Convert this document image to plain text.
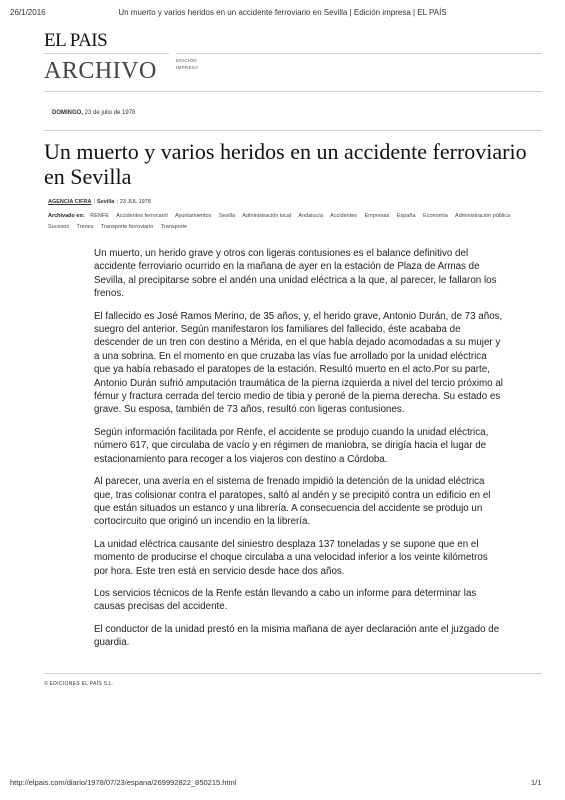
26/1/2016	Un muerto y varios heridos en un accidente ferroviario en Sevilla | Edición impresa | EL PAÍS
EL PAIS
ARCHIVO	EDICIÓN
IMPRESA
DOMINGO, 23 de julio de 1978
Un muerto y varios heridos en un accidente ferroviario en Sevilla
AGENCIA CIFRA | Sevilla | 23 JUL 1978
Archivado en: RENFE Accidentes ferrocarril Ayuntamientos Sevilla Administración local Andalucía Accidentes Empresas España Economía Administración pública
Sucesos Trenes Transporte ferroviario Transporte

Un muerto, un herido grave y otros con ligeras contusiones es el balance definitivo del accidente ferroviario ocurrido en la mañana de ayer en la estación de Plaza de Armas de Sevilla, al precipitarse sobre el andén una unidad eléctrica a la que, al parecer, le fallaron los frenos.

El fallecido es José Ramos Merino, de 35 años, y, el herido grave, Antonio Durán, de 73 años, suegro del anterior. Según manifestaron los familiares del fallecido, éste acababa de descender de un tren con destino a Mérida, en el que había dejado acomodadas a su mujer y a una sobrina. En el momento en que cruzaba las vías fue arrollado por la unidad eléctrica que ya había rebasado el paratopes de la estación. Resultó muerto en el acto.Por su parte, Antonio Durán sufrió amputación traumática de la pierna izquierda a nivel del tercio próximo al fémur y fractura cerrada del tercio medio de tibia y peroné de la pierna derecha. Su estado es grave. Su esposa, también de 73 años, resultó con ligeras contusiones.

Según información facilitada por Renfe, el accidente se produjo cuando la unidad eléctrica, número 617, que circulaba de vacío y en régimen de maniobra, se dirigía hacia el lugar de estacionamiento para recoger a los viajeros con destino a Córdoba.

Al parecer, una avería en el sistema de frenado impidió la detención de la unidad eléctrica que, tras colisionar contra el paratopes, saltó al andén y se precipitó contra un edificio en el que están situados un estanco y una librería. A consecuencia del accidente se produjo un cortocircuito que originó un incendio en la librería.

La unidad eléctrica causante del siniestro desplaza 137 toneladas y se supone que en el momento de producirse el choque circulaba a una velocidad inferior a los veinte kilómetros por hora. Este tren está en servicio desde hace dos años.

Los servicios técnicos de la Renfe están llevando a cabo un informe para determinar las causas precisas del accidente.

El conductor de la unidad prestó en la misma mañana de ayer declaración ante el juzgado de guardia.

© EDICIONES EL PAÍS S.L.
http://elpais.com/diario/1978/07/23/espana/269992822_850215.html	1/1
